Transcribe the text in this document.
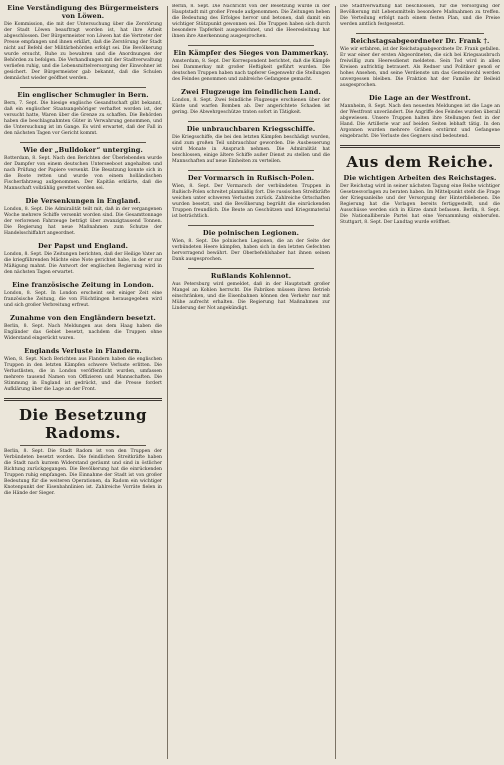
Eine Verständigung des Bürgermeisters von Löwen.

Die Kommission, die mit der Untersuchung über die Zerstörung der Stadt Löwen beauftragt worden ist, hat ihre Arbeit abgeschlossen. Der Bürgermeister von Löwen hat die Vertreter der Presse empfangen und ihnen erklärt, daß die Zerstörung der Stadt nicht auf Befehl der Militärbehörden erfolgt sei. Die Bevölkerung wurde ersucht, Ruhe zu bewahren und die Anordnungen der Behörden zu befolgen. Die Verhandlungen mit der Stadtverwaltung verliefen ruhig, und die Lebensmittelversorgung der Einwohner ist gesichert. Der Bürgermeister gab bekannt, daß die Schulen demnächst wieder geöffnet werden.

Ein englischer Schmugler in Bern.

Bern, 7. Sept. Die hiesige englische Gesandtschaft gibt bekannt, daß ein englischer Staatsangehöriger verhaftet worden ist, der versucht hatte, Waren über die Grenze zu schaffen. Die Behörden haben die beschlagnahmten Güter in Verwahrung genommen, und die Untersuchung ist im Gange. Es wird erwartet, daß der Fall in den nächsten Tagen vor Gericht kommt.

Wie der „Bulldoker“ unterging.

Rotterdam, 8. Sept. Nach den Berichten der Überlebenden wurde der Dampfer von einem deutschen Unterseeboot angehalten und nach Prüfung der Papiere versenkt. Die Besatzung konnte sich in die Boote retten und wurde von einem holländischen Fischerfahrzeug aufgenommen. Der Kapitän erklärte, daß die Mannschaft vollzählig gerettet worden sei.

Die Versenkungen in England.

London, 8. Sept. Die Admiralität teilt mit, daß in der vergangenen Woche mehrere Schiffe versenkt worden sind. Die Gesamttonnage der verlorenen Fahrzeuge beträgt über zwanzigtausend Tonnen. Die Regierung hat neue Maßnahmen zum Schutze der Handelsschiffahrt angeordnet.

Der Papst und England.

London, 8. Sept. Die Zeitungen berichten, daß der Heilige Vater an die kriegführenden Mächte eine Note gerichtet habe, in der er zur Mäßigung mahnt. Die Antwort der englischen Regierung wird in den nächsten Tagen erwartet.

Eine französische Zeitung in London.

London, 8. Sept. In London erscheint seit einiger Zeit eine französische Zeitung, die von Flüchtlingen herausgegeben wird und sich großer Verbreitung erfreut.

Zunahme von den Engländern besetzt.

Berlin, 8. Sept. Nach Meldungen aus dem Haag haben die Engländer das Gebiet besetzt, nachdem die Truppen ohne Widerstand eingerückt waren.

Englands Verluste in Flandern.

Wien, 8. Sept. Nach Berichten aus Flandern haben die englischen Truppen in den letzten Kämpfen schwere Verluste erlitten. Die Verlustlisten, die in London veröffentlicht wurden, umfassen mehrere tausend Namen von Offizieren und Mannschaften. Die Stimmung in England ist gedrückt, und die Presse fordert Aufklärung über die Lage an der Front.

Die Besetzung Radoms.

Berlin, 8. Sept. Die Stadt Radom ist von den Truppen der Verbündeten besetzt worden. Die feindlichen Streitkräfte haben die Stadt nach kurzem Widerstand geräumt und sind in östlicher Richtung zurückgegangen. Die Bevölkerung hat die einrückenden Truppen ruhig empfangen. Die Einnahme der Stadt ist von großer Bedeutung für die weiteren Operationen, da Radom ein wichtiger Knotenpunkt der Eisenbahnlinien ist. Zahlreiche Vorräte fielen in die Hände der Sieger.

Berlin, 8. Sept. Die Nachricht von der Besetzung wurde in der Hauptstadt mit großer Freude aufgenommen. Die Zeitungen heben die Bedeutung des Erfolges hervor und betonen, daß damit ein wichtiger Stützpunkt gewonnen sei. Die Truppen haben sich durch besondere Tapferkeit ausgezeichnet, und die Heeresleitung hat ihnen ihre Anerkennung ausgesprochen.

Ein Kämpfer des Sieges von Dammerkay.

Amsterdam, 8. Sept. Der Korrespondent berichtet, daß die Kämpfe bei Dammerkay mit großer Heftigkeit geführt wurden. Die deutschen Truppen haben nach tapferer Gegenwehr die Stellungen des Feindes genommen und zahlreiche Gefangene gemacht.

Zwei Flugzeuge im feindlichen Land.

London, 8. Sept. Zwei feindliche Flugzeuge erschienen über der Küste und warfen Bomben ab. Der angerichtete Schaden ist gering. Die Abwehrgeschütze traten sofort in Tätigkeit.

Die unbrauchbaren Kriegsschiffe.

Die Kriegsschiffe, die bei den letzten Kämpfen beschädigt wurden, sind zum großen Teil unbrauchbar geworden. Die Ausbesserung wird Monate in Anspruch nehmen. Die Admiralität hat beschlossen, einige ältere Schiffe außer Dienst zu stellen und die Mannschaften auf neue Einheiten zu verteilen.

Der Vormarsch in Rußisch-Polen.

Wien, 8. Sept. Der Vormarsch der verbündeten Truppen in Rußisch-Polen schreitet planmäßig fort. Die russischen Streitkräfte weichen unter schweren Verlusten zurück. Zahlreiche Ortschaften wurden besetzt, und die Bevölkerung begrüßt die einrückenden Truppen freundlich. Die Beute an Geschützen und Kriegsmaterial ist beträchtlich.

Die polnischen Legionen.

Wien, 8. Sept. Die polnischen Legionen, die an der Seite der verbündeten Heere kämpfen, haben sich in den letzten Gefechten hervorragend bewährt. Der Oberbefehlshaber hat ihnen seinen Dank ausgesprochen.

Rußlands Kohlennot.

Aus Petersburg wird gemeldet, daß in der Hauptstadt großer Mangel an Kohlen herrscht. Die Fabriken müssen ihren Betrieb einschränken, und die Eisenbahnen können den Verkehr nur mit Mühe aufrecht erhalten. Die Regierung hat Maßnahmen zur Linderung der Not angekündigt.

Die Stadtverwaltung hat beschlossen, für die Versorgung der Bevölkerung mit Lebensmitteln besondere Maßnahmen zu treffen. Die Verteilung erfolgt nach einem festen Plan, und die Preise werden amtlich festgesetzt.

Reichstagsabgeordneter Dr. Frank †.

Wie wir erfahren, ist der Reichstagsabgeordnete Dr. Frank gefallen. Er war einer der ersten Abgeordneten, die sich bei Kriegsausbruch freiwillig zum Heeresdienst meldeten. Sein Tod wird in allen Kreisen aufrichtig betrauert. Als Redner und Politiker genoß er hohes Ansehen, und seine Verdienste um das Gemeinwohl werden unvergessen bleiben. Die Fraktion hat der Familie ihr Beileid ausgesprochen.

Die Lage an der Westfront.

Mannheim, 8. Sept. Nach den neuesten Meldungen ist die Lage an der Westfront unverändert. Die Angriffe des Feindes wurden überall abgewiesen. Unsere Truppen halten ihre Stellungen fest in der Hand. Die Artillerie war auf beiden Seiten lebhaft tätig. In den Argonnen wurden mehrere Gräben erstürmt und Gefangene eingebracht. Die Verluste des Gegners sind bedeutend.

Aus dem Reiche.
Die wichtigen Arbeiten des Reichstages.

Der Reichstag wird in seiner nächsten Tagung eine Reihe wichtiger Gesetzesvorlagen zu beraten haben. Im Mittelpunkt steht die Frage der Kriegsanleihe und der Versorgung der Hinterbliebenen. Die Regierung hat die Vorlagen bereits fertiggestellt, und die Ausschüsse werden sich in Kürze damit befassen. Berlin, 8. Sept. Die Nationalliberale Partei hat eine Versammlung einberufen. Stuttgart, 8. Sept. Der Landtag wurde eröffnet.
